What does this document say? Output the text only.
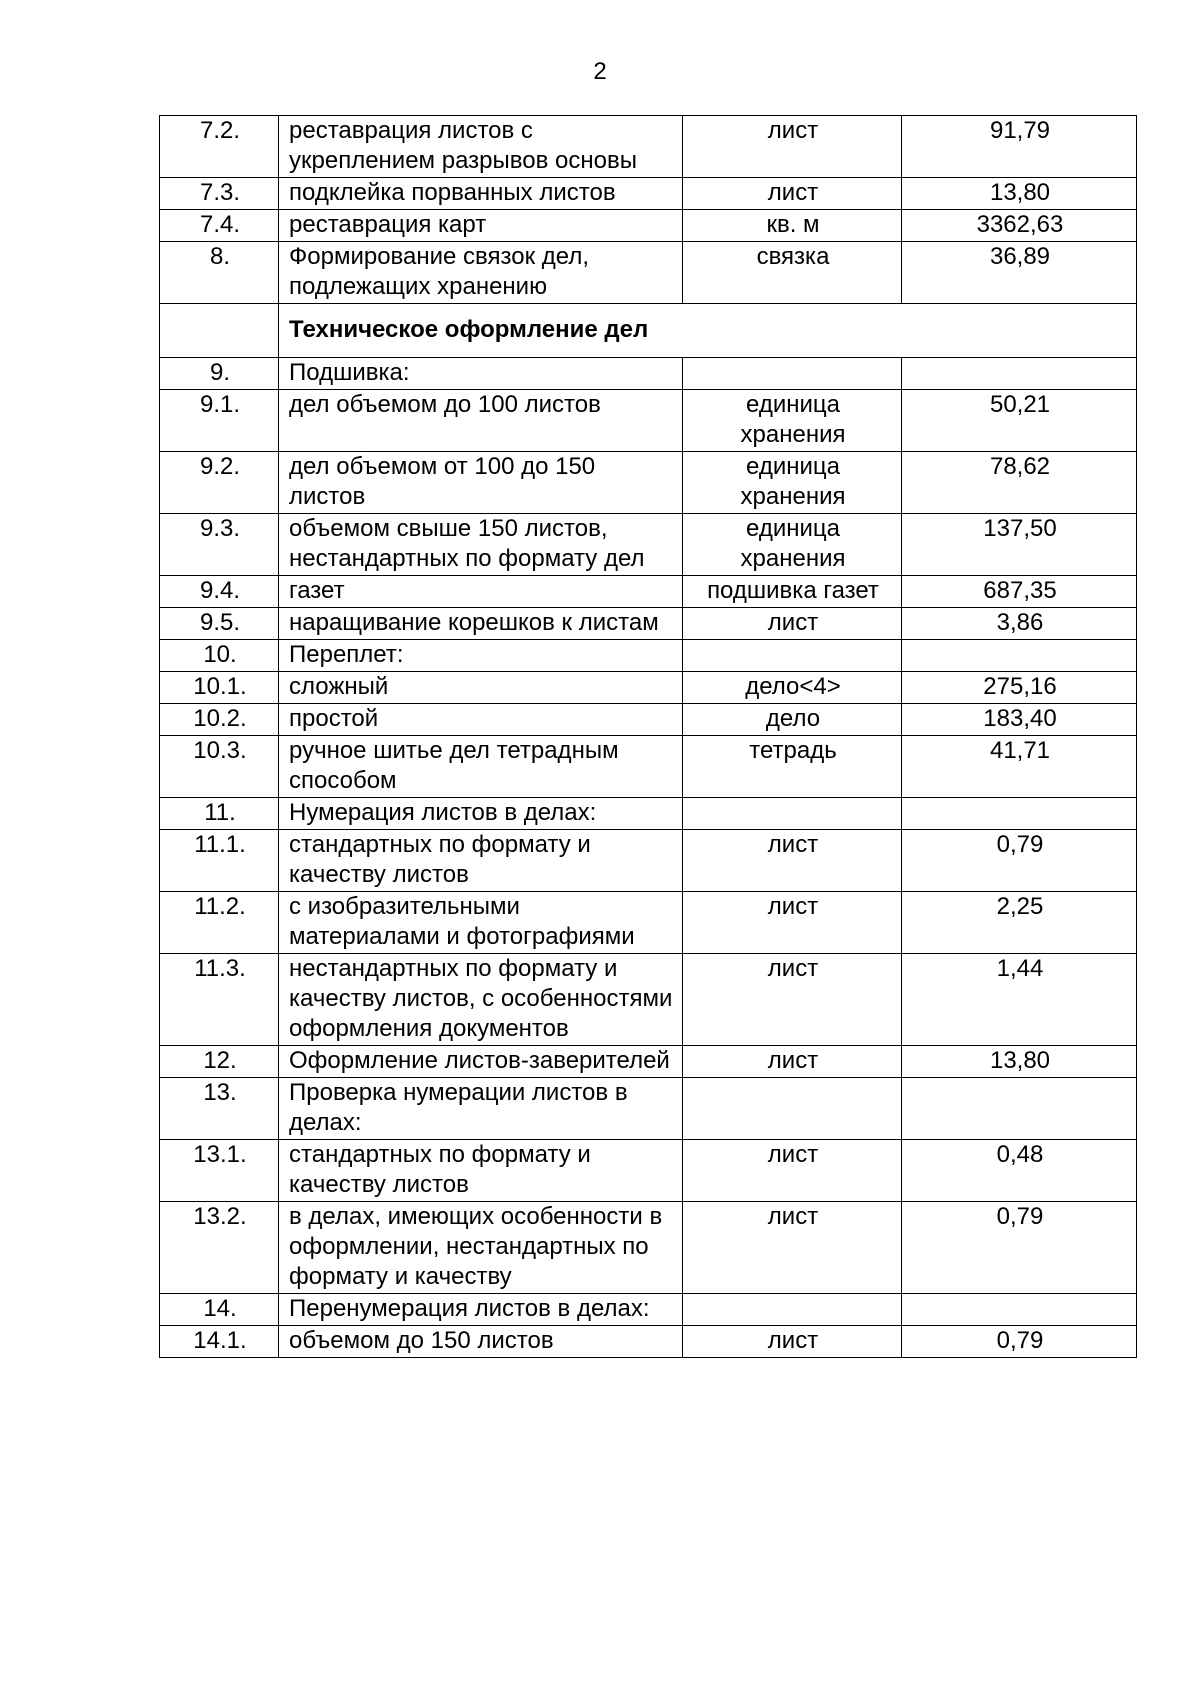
2
7.2.	реставрация листов с укреплением разрывов основы	лист	91,79
7.3.	подклейка порванных листов	лист	13,80
7.4.	реставрация карт	кв. м	3362,63
8.	Формирование связок дел, подлежащих хранению	связка	36,89
	Техническое оформление дел		
9.	Подшивка:		
9.1.	дел объемом до 100 листов	единица хранения	50,21
9.2.	дел объемом от 100 до 150 листов	единица хранения	78,62
9.3.	объемом свыше 150 листов, нестандартных по формату дел	единица хранения	137,50
9.4.	газет	подшивка газет	687,35
9.5.	наращивание корешков к листам	лист	3,86
10.	Переплет:		
10.1.	сложный	дело<4>	275,16
10.2.	простой	дело	183,40
10.3.	ручное шитье дел тетрадным способом	тетрадь	41,71
11.	Нумерация листов в делах:		
11.1.	стандартных по формату и качеству листов	лист	0,79
11.2.	с изобразительными материалами и фотографиями	лист	2,25
11.3.	нестандартных по формату и качеству листов, с особенностями оформления документов	лист	1,44
12.	Оформление листов-заверителей	лист	13,80
13.	Проверка нумерации листов в делах:		
13.1.	стандартных по формату и качеству листов	лист	0,48
13.2.	в делах, имеющих особенности в оформлении, нестандартных по формату и качеству	лист	0,79
14.	Перенумерация листов в делах:		
14.1.	объемом до 150 листов	лист	0,79
